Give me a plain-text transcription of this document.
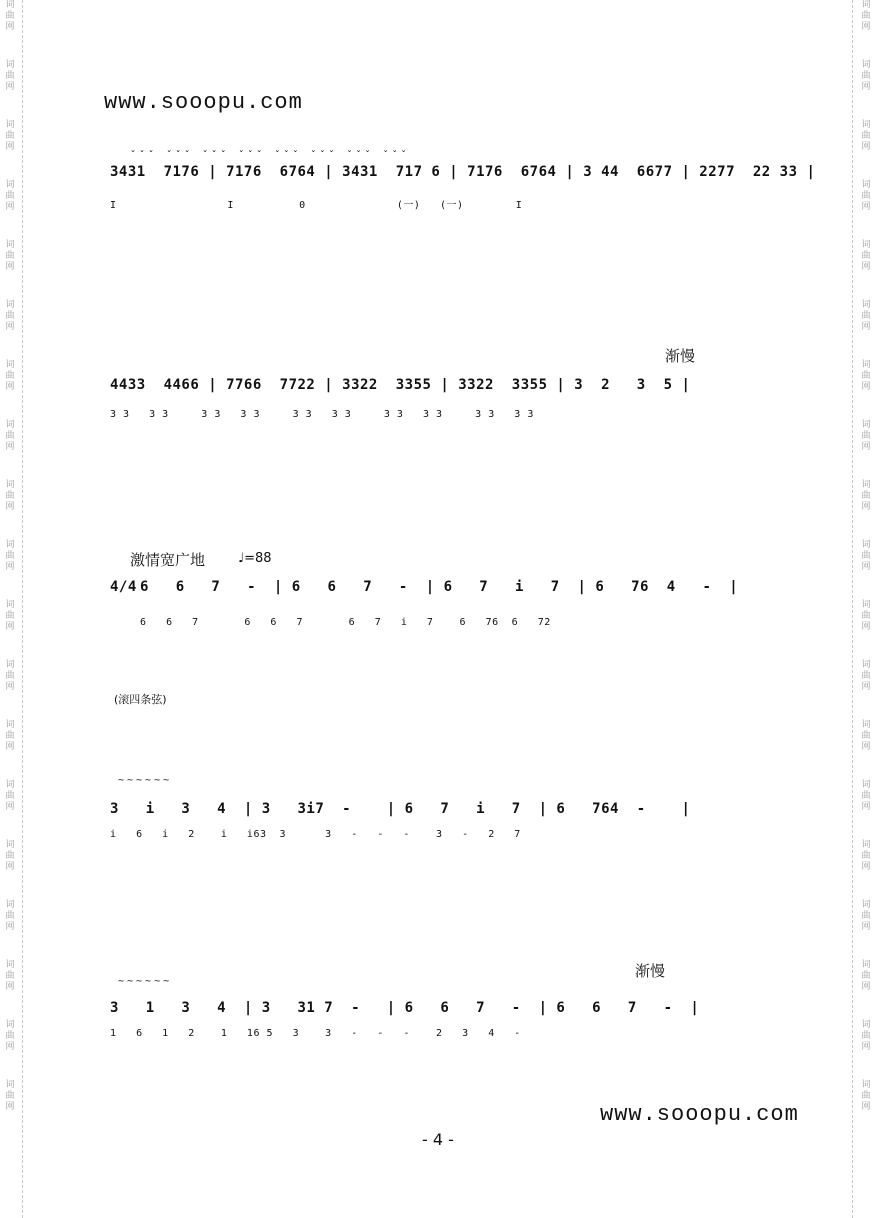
词
曲
网
词
曲
网
词
曲
网
词
曲
网
词
曲
网
词
曲
网
词
曲
网
词
曲
网
词
曲
网
词
曲
网
词
曲
网
词
曲
网
词
曲
网
词
曲
网
词
曲
网
词
曲
网
词
曲
网
词
曲
网
词
曲
网
词
曲
网
词
曲
网
词
曲
网
词
曲
网
词
曲
网
词
曲
网
词
曲
网
词
曲
网
词
曲
网
词
曲
网
词
曲
网
词
曲
网
词
曲
网
词
曲
网
词
曲
网
词
曲
网
词
曲
网
词
曲
网
词
曲
网
www.sooopu.com
3431  7176 | 7176  6764 | 3431  717 6 | 7176  6764 | 3 44  6677 | 2277  22 33 |
I                 I          0              (一)   (一)        I
ˇˇˇ ˇˇˇ ˇˇˇ ˇˇˇ ˇˇˇ ˇˇˇ ˇˇˇ ˇˇˇ
渐慢
4433  4466 | 7766  7722 | 3322  3355 | 3322  3355 | 3  2   3  5 |
3 3   3 3     3 3   3 3     3 3   3 3     3 3   3 3     3 3   3 3
激情宽广地	♩=88
4/4 6   6   7   -  | 6   6   7   -  | 6   7   i   7  | 6   76  4   -  |
6   6   7       6   6   7       6   7   i   7    6   76  6   72
(滚四条弦)
~~~~~~
3   i   3   4  | 3   3i7  -    | 6   7   i   7  | 6   764  -    |
i   6   i   2    i   i63  3      3   -   -   -    3   -   2   7
渐慢
~~~~~~
3   1   3   4  | 3   31 7  -   | 6   6   7   -  | 6   6   7   -  |
1   6   1   2    1   16 5   3    3   -   -   -    2   3   4   -
www.sooopu.com
- 4 -
